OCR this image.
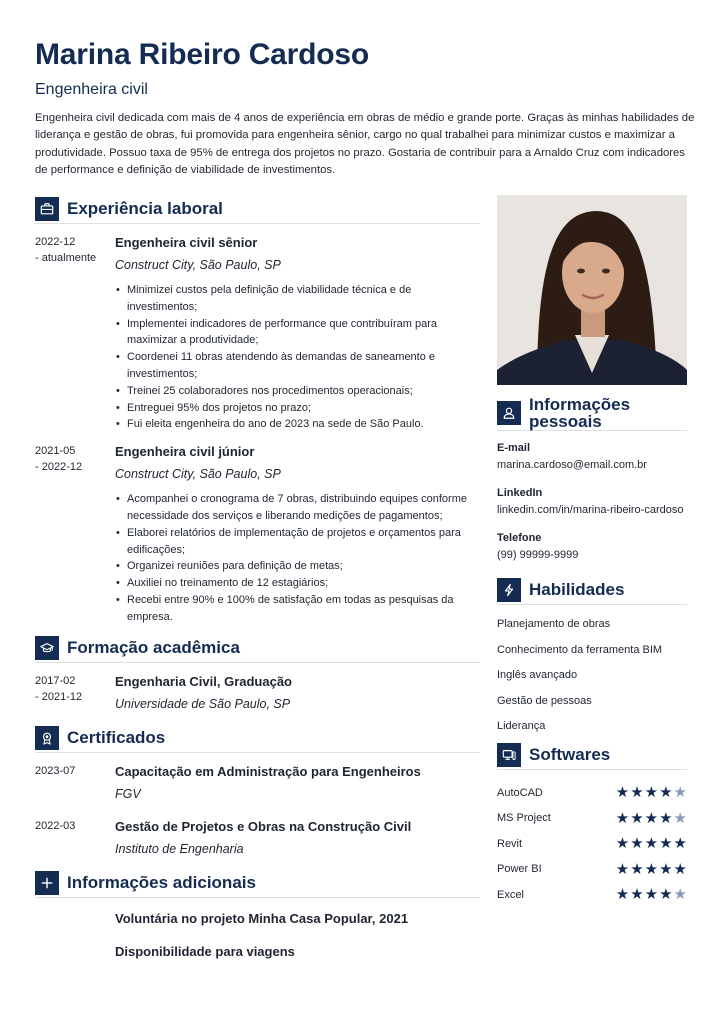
Marina Ribeiro Cardoso
Engenheira civil

Engenheira civil dedicada com mais de 4 anos de experiência em obras de médio e grande porte. Graças às minhas habilidades de liderança e gestão de obras, fui promovida para engenheira sênior, cargo no qual trabalhei para minimizar custos e maximizar a produtividade. Possuo taxa de 95% de entrega dos projetos no prazo. Gostaria de contribuir para a Arnaldo Cruz com indicadores de performance e definição de viabilidade de investimentos.

Experiência laboral
2022-12
- atualmente
Engenheira civil sênior
Construct City, São Paulo, SP
• Minimizei custos pela definição de viabilidade técnica e de investimentos;
• Implementei indicadores de performance que contribuíram para maximizar a produtividade;
• Coordenei 11 obras atendendo às demandas de saneamento e investimentos;
• Treinei 25 colaboradores nos procedimentos operacionais;
• Entreguei 95% dos projetos no prazo;
• Fui eleita engenheira do ano de 2023 na sede de São Paulo.
2021-05
- 2022-12
Engenheira civil júnior
Construct City, São Paulo, SP
• Acompanhei o cronograma de 7 obras, distribuindo equipes conforme necessidade dos serviços e liberando medições de pagamentos;
• Elaborei relatórios de implementação de projetos e orçamentos para edificações;
• Organizei reuniões para definição de metas;
• Auxiliei no treinamento de 12 estagiários;
• Recebi entre 90% e 100% de satisfação em todas as pesquisas da empresa.
Formação acadêmica
2017-02
- 2021-12
Engenharia Civil, Graduação
Universidade de São Paulo, SP
Certificados
2023-07	Capacitação em Administração para Engenheiros
FGV
2022-03	Gestão de Projetos e Obras na Construção Civil
Instituto de Engenharia
Informações adicionais
Voluntária no projeto Minha Casa Popular, 2021
Disponibilidade para viagens
Informações pessoais
E-mail
marina.cardoso@email.com.br
LinkedIn
linkedin.com/in/marina-ribeiro-cardoso
Telefone
(99) 99999-9999
Habilidades
Planejamento de obras
Conhecimento da ferramenta BIM
Inglês avançado
Gestão de pessoas
Liderança
Softwares
AutoCAD	★ ★ ★ ★ ★
MS Project	★ ★ ★ ★ ★
Revit	★ ★ ★ ★ ★
Power BI	★ ★ ★ ★ ★
Excel	★ ★ ★ ★ ★
